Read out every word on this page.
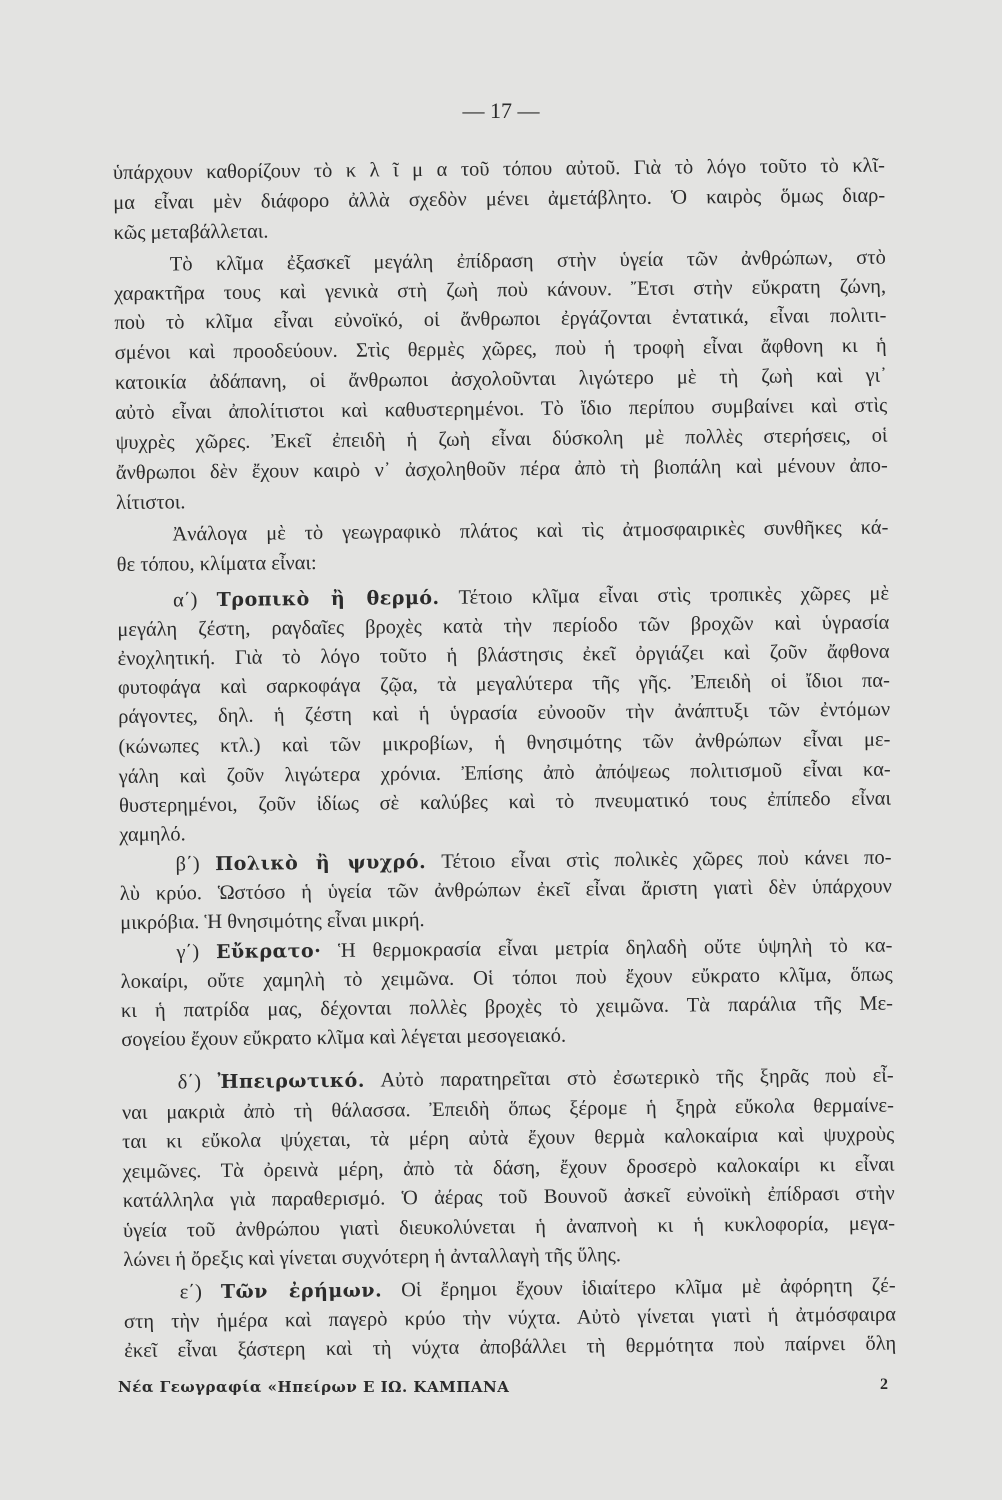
— 17 —
ὑπάρχουν καθορίζουν τὸ κ λ ῖ μ α τοῦ τόπου αὐτοῦ. Γιὰ τὸ λόγο τοῦτο τὸ κλῖ-
μα εἶναι μὲν διάφορο ἀλλὰ σχεδὸν μένει ἀμετάβλητο. Ὁ καιρὸς ὅμως διαρ-
κῶς μεταβάλλεται.
Τὸ κλῖμα ἐξασκεῖ μεγάλη ἐπίδραση στὴν ὑγεία τῶν ἀνθρώπων, στὸ
χαρακτῆρα τους καὶ γενικὰ στὴ ζωὴ ποὺ κάνουν. Ἔτσι στὴν εὔκρατη ζώνη,
ποὺ τὸ κλῖμα εἶναι εὐνοϊκό, οἱ ἄνθρωποι ἐργάζονται ἐντατικά, εἶναι πολιτι-
σμένοι καὶ προοδεύουν. Στὶς θερμὲς χῶρες, ποὺ ἡ τροφὴ εἶναι ἄφθονη κι ἡ
κατοικία ἀδάπανη, οἱ ἄνθρωποι ἀσχολοῦνται λιγώτερο μὲ τὴ ζωὴ καὶ γι᾽
αὐτὸ εἶναι ἀπολίτιστοι καὶ καθυστερημένοι. Τὸ ἴδιο περίπου συμβαίνει καὶ στὶς
ψυχρὲς χῶρες. Ἐκεῖ ἐπειδὴ ἡ ζωὴ εἶναι δύσκολη μὲ πολλὲς στερήσεις, οἱ
ἄνθρωποι δὲν ἔχουν καιρὸ ν᾽ ἀσχοληθοῦν πέρα ἀπὸ τὴ βιοπάλη καὶ μένουν ἀπο-
λίτιστοι.
Ἀνάλογα μὲ τὸ γεωγραφικὸ πλάτος καὶ τὶς ἀτμοσφαιρικὲς συνθῆκες κά-
θε τόπου, κλίματα εἶναι:
α΄) Τροπικὸ ἢ θερμό. Τέτοιο κλῖμα εἶναι στὶς τροπικὲς χῶρες μὲ
μεγάλη ζέστη, ραγδαῖες βροχὲς κατὰ τὴν περίοδο τῶν βροχῶν καὶ ὑγρασία
ἐνοχλητική. Γιὰ τὸ λόγο τοῦτο ἡ βλάστησις ἐκεῖ ὀργιάζει καὶ ζοῦν ἄφθονα
φυτοφάγα καὶ σαρκοφάγα ζῷα, τὰ μεγαλύτερα τῆς γῆς. Ἐπειδὴ οἱ ἴδιοι πα-
ράγοντες, δηλ. ἡ ζέστη καὶ ἡ ὑγρασία εὐνοοῦν τὴν ἀνάπτυξι τῶν ἐντόμων
(κώνωπες κτλ.) καὶ τῶν μικροβίων, ἡ θνησιμότης τῶν ἀνθρώπων εἶναι με-
γάλη καὶ ζοῦν λιγώτερα χρόνια. Ἐπίσης ἀπὸ ἀπόψεως πολιτισμοῦ εἶναι κα-
θυστερημένοι, ζοῦν ἰδίως σὲ καλύβες καὶ τὸ πνευματικό τους ἐπίπεδο εἶναι
χαμηλό.
β΄) Πολικὸ ἢ ψυχρό. Τέτοιο εἶναι στὶς πολικὲς χῶρες ποὺ κάνει πο-
λὺ κρύο. Ὡστόσο ἡ ὑγεία τῶν ἀνθρώπων ἐκεῖ εἶναι ἄριστη γιατὶ δὲν ὑπάρχουν
μικρόβια. Ἡ θνησιμότης εἶναι μικρή.
γ΄) Εὔκρατο· Ἡ θερμοκρασία εἶναι μετρία δηλαδὴ οὔτε ὑψηλὴ τὸ κα-
λοκαίρι, οὔτε χαμηλὴ τὸ χειμῶνα. Οἱ τόποι ποὺ ἔχουν εὔκρατο κλῖμα, ὅπως
κι ἡ πατρίδα μας, δέχονται πολλὲς βροχὲς τὸ χειμῶνα. Τὰ παράλια τῆς Με-
σογείου ἔχουν εὔκρατο κλῖμα καὶ λέγεται μεσογειακό.
δ΄) Ἠπειρωτικό. Αὐτὸ παρατηρεῖται στὸ ἐσωτερικὸ τῆς ξηρᾶς ποὺ εἶ-
ναι μακριὰ ἀπὸ τὴ θάλασσα. Ἐπειδὴ ὅπως ξέρομε ἡ ξηρὰ εὔκολα θερμαίνε-
ται κι εὔκολα ψύχεται, τὰ μέρη αὐτὰ ἔχουν θερμὰ καλοκαίρια καὶ ψυχροὺς
χειμῶνες. Τὰ ὀρεινὰ μέρη, ἀπὸ τὰ δάση, ἔχουν δροσερὸ καλοκαίρι κι εἶναι
κατάλληλα γιὰ παραθερισμό. Ὁ ἀέρας τοῦ Βουνοῦ ἀσκεῖ εὐνοϊκὴ ἐπίδρασι στὴν
ὑγεία τοῦ ἀνθρώπου γιατὶ διευκολύνεται ἡ ἀναπνοὴ κι ἡ κυκλοφορία, μεγα-
λώνει ἡ ὄρεξις καὶ γίνεται συχνότερη ἡ ἀνταλλαγὴ τῆς ὕλης.
ε΄) Τῶν ἐρήμων. Οἱ ἔρημοι ἔχουν ἰδιαίτερο κλῖμα μὲ ἀφόρητη ζέ-
στη τὴν ἡμέρα καὶ παγερὸ κρύο τὴν νύχτα. Αὐτὸ γίνεται γιατὶ ἡ ἀτμόσφαιρα
ἐκεῖ εἶναι ξάστερη καὶ τὴ νύχτα ἀποβάλλει τὴ θερμότητα ποὺ παίρνει ὅλη
Νέα Γεωγραφία «Ηπείρων Ε ΙΩ. ΚΑΜΠΑΝΑ	2
